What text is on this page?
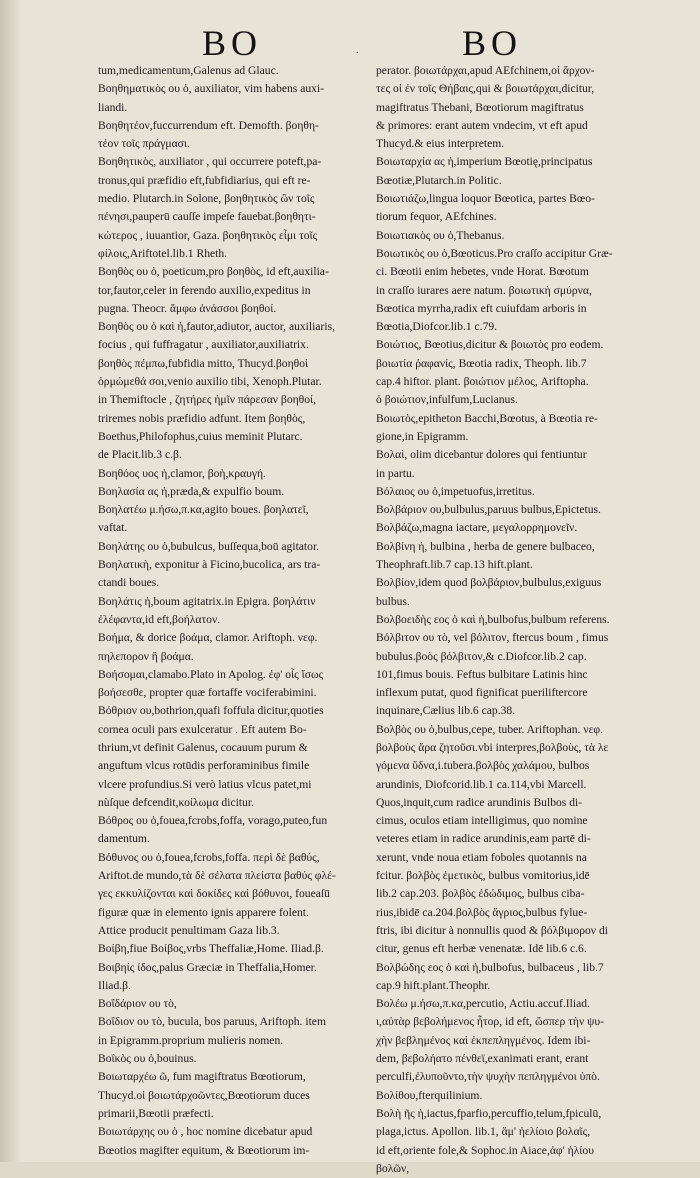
BO	BO
.
tum,medicamentum,Galenus ad Glauc.
Βοηθηματικὸς ου ὁ, auxiliator, vim habens auxi-
liandi.
Βοηθητέον,fuccurrendum eft. Demofth. βοηθη-
τέον τοῖς πράγμασι.
Βοηθητικὸς, auxiliator , qui occurrere poteft,pa-
tronus,qui præfidio eft,fubfidiarius, qui eft re-
medio. Plutarch.in Solone, βοηθητικὸς ὢν τοῖς
πένησι,pauperū cauſſe impeſe fauebat.βοηθητι-
κώτερος , iuuantior, Gaza. βοηθητικὸς εἶμι τοῖς
φίλοις,Ariftotel.lib.1 Rheth.
Βοηθὸς ου ὁ, poeticum,pro βοηθὸς, id eft,auxilia-
tor,fautor,celer in ferendo auxilio,expeditus in
pugna. Theocr. ἄμφω ἀνάσσοι βοηθοί.
Βοηθὸς ου ὁ καὶ ἡ,fautor,adiutor, auctor, auxiliaris,
focius , qui fuffragatur , auxiliator,auxiliatrix.
βοηθὸς πέμπω,fubfidia mitto, Thucyd.βοηθοὶ
ὁρμώμεθά σοι,venio auxilio tibi, Xenoph.Plutar.
in Themiftocle , ζητήρες ἡμῖν πάρεσαν βοηθοί,
triremes nobis præfidio adfunt. Item βοηθὸς,
Boethus,Philofophus,cuius meminit Plutarc.
de Placit.lib.3 c.β.
Βοηθόος υος ἡ,clamor, βοὴ,κραυγή.
Βοηλασία ας ἡ,præda,& expulfio boum.
Βοηλατέω μ.ήσω,π.κα,agito boues. βοηλατεῖ,
vaftat.
Βοηλάτης ου ὁ,bubulcus, buſſequa,boū agitator.
Βοηλατικὴ, exponitur à Ficino,bucolica, ars tra-
ctandi boues.
Βοηλάτις ἡ,boum agitatrix.in Epigra. βοηλάτιν
ἐλέφαντα,id eft,βοήλατον.
Βοήμα, & dorice βοάμα, clamor. Ariftoph. νεφ.
πηλεπορον ἢ βοάμα.
Βοήσομαι,clamabo.Plato in Apolog. ἐφ' οἷς ἴσως
βοήσεσθε, propter quæ fortaffe vociferabimini.
Βόθριον ου,bothrion,quafi foffula dicitur,quoties
cornea oculi pars exulceratur . Eft autem Bo-
thrium,vt definit Galenus, cocauum purum &
anguftum vlcus rotūdis perforaminibus fimile
vlcere profundius.Si verò latius vlcus patet,mi
nùſque defcendit,κοίλωμα dicitur.
Βόθρος ου ὁ,fouea,fcrobs,foffa, vorago,puteo,fun
damentum.
Βόθυνος ου ὁ,fouea,fcrobs,foffa. περὶ δὲ βαθύς,
Ariftot.de mundo,τὰ δὲ σέλατα πλείστα βαθύς φλέ-
γες εκκυλίζονται καὶ δοκίδες καὶ βόθυνοι, foueaſū
figuræ quæ in elemento ignis apparere folent.
Attice producit penultimam Gaza lib.3.
Βοίβη,fiue Βοίβος,vrbs Theffaliæ,Home. Iliad.β.
Βοιβηίς ίδος,palus Græciæ in Theffalia,Homer.
Iliad.β.
Βοΐδάριον ου τὸ,
Βοΐδιον ου τὸ, bucula, bos paruus, Ariftoph. item
in Epigramm.proprium mulieris nomen.
Βοΐκὸς ου ὁ,bouinus.
Βοιωταρχέω ῶ, fum magiftratus Bœotiorum,
Thucyd.οἱ βοιωτάρχοῶντες,Bœotiorum duces
primarii,Bœotii præfecti.
Βοιωτάρχης ου ὁ , hoc nomine dicebatur apud
Bœotios magifter equitum, & Bœotiorum im-
perator. βοιωτάρχαι,apud AEfchinem,οἱ ἄρχον-
τες οἱ ἐν τοῖς Θήβαις,qui & βοιωτάρχαι,dicitur,
magiftratus Thebani, Bœotiorum magiftratus
& primores: erant autem vndecim, vt eft apud
Thucyd.& eius interpretem.
Βοιωταρχία ας ἡ,imperium Bœotię,principatus
Bœotiæ,Plutarch.in Politic.
Βοιωτιάζω,lingua loquor Bœotica, partes Bœo-
tiorum fequor, AEfchines.
Βοιωτιακὸς ου ὁ,Thebanus.
Βοιωτικὸς ου ὁ,Bœoticus.Pro craſſo accipitur Græ-
ci. Bœotii enim hebetes, vnde Horat. Bœotum
in craſſo iurares aere natum. βοιωτικὴ σμύρνα,
Bœotica myrrha,radix eft cuiufdam arboris in
Bœotia,Diofcor.lib.1 c.79.
Βοιώτιος, Bœotius,dicitur & βοιωτὸς pro eodem.
βοιωτία ῥαφανίς, Bœotia radix, Theoph. lib.7
cap.4 hiftor. plant. βοιώτιον μέλος, Ariftopha.
ὁ βοιώτιον,infulfum,Lucianus.
Βοιωτὸς,epitheton Bacchi,Bœotus, à Bœotia re-
gione,in Epigramm.
Βολαὶ, olim dicebantur dolores qui fentiuntur
in partu.
Βόλαιος ου ὁ,impetuofus,irretitus.
Βολβάριον ου,bulbulus,paruus bulbus,Epictetus.
Βολβάζω,magna iactare, μεγαλορρημονεῖν.
Βολβίνη ἡ, bulbina , herba de genere bulbaceo,
Theophraft.lib.7 cap.13 hift.plant.
Βολβίον,idem quod βολβάριον,bulbulus,exiguus
bulbus.
Βολβοειδὴς εος ὁ καὶ ἡ,bulbofus,bulbum referens.
Βόλβιτον ου τὸ, vel βόλιτον, ftercus boum , fimus
bubulus.βοὸς βόλβιτον,& c.Diofcor.lib.2 cap.
101,fimus bouis. Feftus bulbitare Latinis hinc
inflexum putat, quod fignificat pueriliftercore
inquinare,Cælius lib.6 cap.38.
Βολβὸς ου ὁ,bulbus,cepe, tuber. Ariftophan. νεφ.
βολβοὺς ἄρα ζητοῦσι.vbi interpres,βολβοὺς, τὰ λε
γόμενα ὕδνα,i.tubera.βολβὸς χαλάμου, bulbos
arundinis, Diofcorid.lib.1 ca.114,vbi Marcell.
Quos,inquit,cum radice arundinis Bulbos di-
cimus, oculos etiam intelligimus, quo nomine
veteres etiam in radice arundinis,eam partē di-
xerunt, vnde noua etiam foboles quotannis na
fcitur. βολβὸς ἐμετικὸς, bulbus vomitorius,idē
lib.2 cap.203. βολβὸς ἐδώδιμος, bulbus ciba-
rius,ibidē ca.204.βολβὸς ἄγριος,bulbus fylue-
ftris, ibi dicitur à nonnullis quod & βόλβιμορον di
citur, genus eft herbæ venenatæ. Idē lib.6 c.6.
Βολβώδης εος ὁ καὶ ἡ,bulbofus, bulbaceus , lib.7
cap.9 hift.plant.Theophr.
Βολέω μ.ήσω,π.κα,percutio, Actiu.accuf.Iliad.
ι,αὐτὰρ βεβολήμενος ἦτορ, id eft, ὥσπερ τὴν ψυ-
χὴν βεβλημένος καὶ ἐκπεπληγμένος. Idem ibi-
dem, βεβολήατο πένθεϊ,exanimati erant, erant
perculfi,ἐλυποῦντο,τὴν ψυχὴν πεπληγμένοι ὑπὸ.
Βολίθου,fterquilinium.
Βολὴ ῆς ἡ,iactus,fparfio,percuffio,telum,fpiculū,
plaga,ictus. Apollon. lib.1, ἅμ' ἠελίοιο βολαῖς,
id eft,oriente fole,& Sophoc.in Aiace,ἀφ' ἡλίου
βολῶν,
